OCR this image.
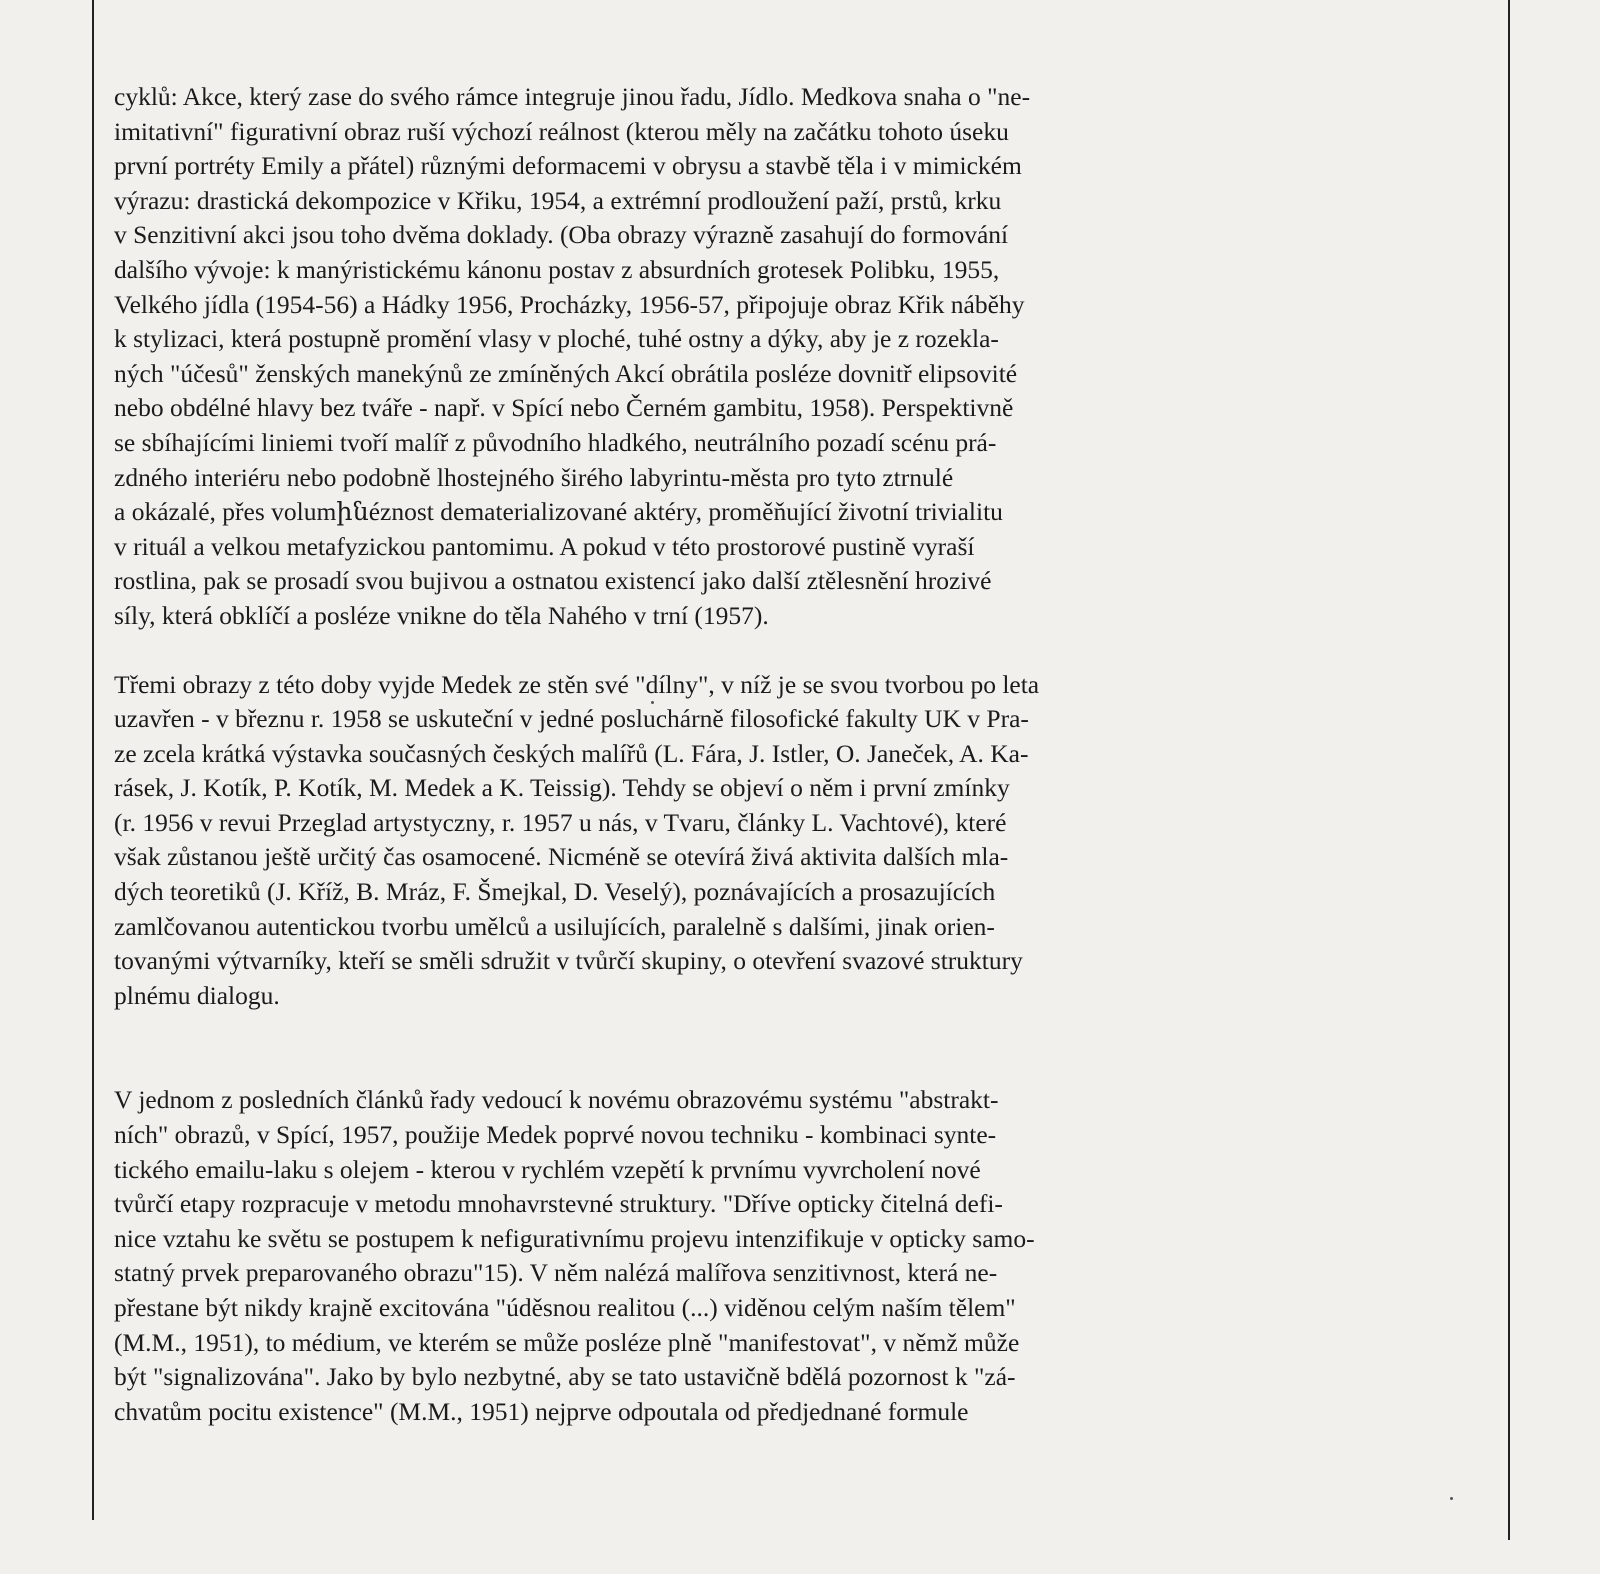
cyklů: Akce, který zase do svého rámce integruje jinou řadu, Jídlo. Medkova snaha o "ne-
imitativní" figurativní obraz ruší výchozí reálnost (kterou měly na začátku tohoto úseku
první portréty Emily a přátel) různými deformacemi v obrysu a stavbě těla i v mimickém
výrazu: drastická dekompozice v Křiku, 1954, a extrémní prodloužení paží, prstů, krku
v Senzitivní akci jsou toho dvěma doklady. (Oba obrazy výrazně zasahují do formování
dalšího vývoje: k manýristickému kánonu postav z absurdních grotesek Polibku, 1955,
Velkého jídla (1954-56) a Hádky 1956, Procházky, 1956-57, připojuje obraz Křik náběhy
k stylizaci, která postupně promění vlasy v ploché, tuhé ostny a dýky, aby je z rozekla-
ných "účesů" ženských manekýnů ze zmíněných Akcí obrátila posléze dovnitř elipsovité
nebo obdélné hlavy bez tváře - např. v Spící nebo Černém gambitu, 1958). Perspektivně
se sbíhajícími liniemi tvoří malíř z původního hladkého, neutrálního pozadí scénu prá-
zdného interiéru nebo podobně lhostejného širého labyrintu-města pro tyto ztrnulé
a okázalé, přes volumինéznost dematerializované aktéry, proměňující životní trivialitu
v rituál a velkou metafyzickou pantomimu. A pokud v této prostorové pustině vyraší
rostlina, pak se prosadí svou bujivou a ostnatou existencí jako další ztělesnění hrozivé
síly, která obklíčí a posléze vnikne do těla Nahého v trní (1957).

Třemi obrazy z této doby vyjde Medek ze stěn své "dílny", v níž je se svou tvorbou po leta
uzavřen - v březnu r. 1958 se uskuteční v jedné posluchárně filosofické fakulty UK v Pra-
ze zcela krátká výstavka současných českých malířů (L. Fára, J. Istler, O. Janeček, A. Ka-
rásek, J. Kotík, P. Kotík, M. Medek a K. Teissig). Tehdy se objeví o něm i první zmínky
(r. 1956 v revui Przeglad artystyczny, r. 1957 u nás, v Tvaru, články L. Vachtové), které
však zůstanou ještě určitý čas osamocené. Nicméně se otevírá živá aktivita dalších mla-
dých teoretiků (J. Kříž, B. Mráz, F. Šmejkal, D. Veselý), poznávajících a prosazujících
zamlčovanou autentickou tvorbu umělců a usilujících, paralelně s dalšími, jinak orien-
tovanými výtvarníky, kteří se směli sdružit v tvůrčí skupiny, o otevření svazové struktury
plnému dialogu.

V jednom z posledních článků řady vedoucí k novému obrazovému systému "abstrakt-
ních" obrazů, v Spící, 1957, použije Medek poprvé novou techniku - kombinaci synte-
tického emailu-laku s olejem - kterou v rychlém vzepětí k prvnímu vyvrcholení nové
tvůrčí etapy rozpracuje v metodu mnohavrstevné struktury. "Dříve opticky čitelná defi-
nice vztahu ke světu se postupem k nefigurativnímu projevu intenzifikuje v opticky samo-
statný prvek preparovaného obrazu"15). V něm nalézá malířova senzitivnost, která ne-
přestane být nikdy krajně excitována "úděsnou realitou (...) viděnou celým naším tělem"
(M.M., 1951), to médium, ve kterém se může posléze plně "manifestovat", v němž může
být "signalizována". Jako by bylo nezbytné, aby se tato ustavičně bdělá pozornost k "zá-
chvatům pocitu existence" (M.M., 1951) nejprve odpoutala od předjednané formule
